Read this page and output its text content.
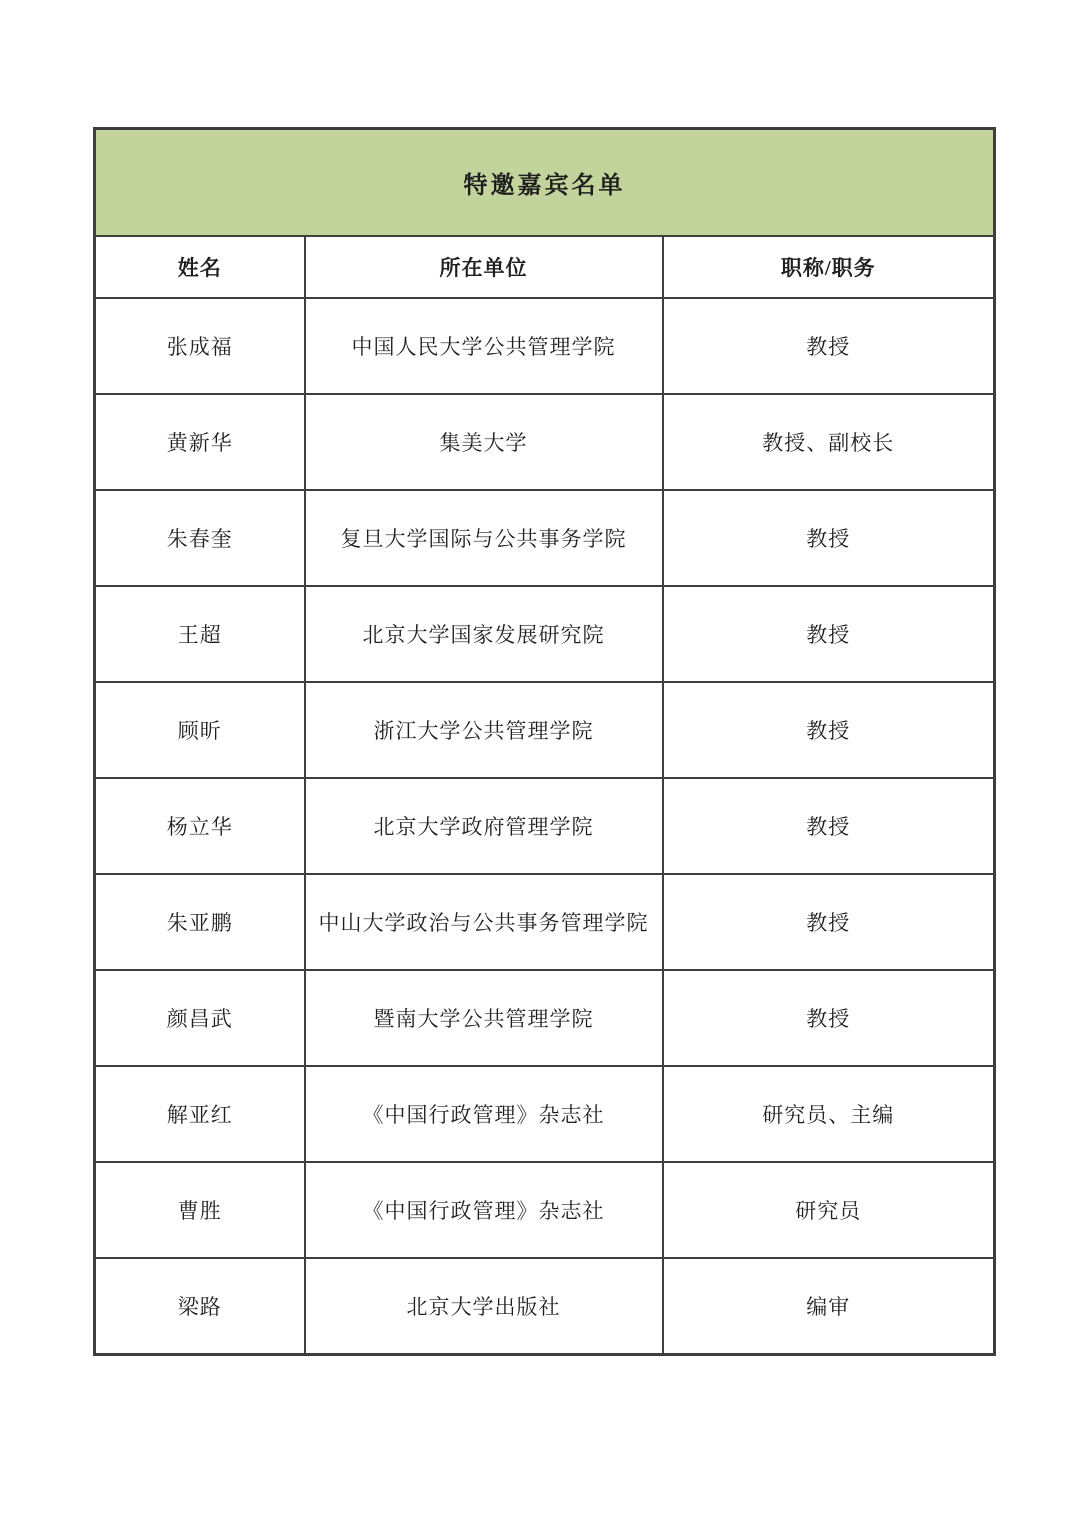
特邀嘉宾名单		
姓名	所在单位	职称/职务
张成福	中国人民大学公共管理学院	教授
黄新华	集美大学	教授、副校长
朱春奎	复旦大学国际与公共事务学院	教授
王超	北京大学国家发展研究院	教授
顾昕	浙江大学公共管理学院	教授
杨立华	北京大学政府管理学院	教授
朱亚鹏	中山大学政治与公共事务管理学院	教授
颜昌武	暨南大学公共管理学院	教授
解亚红	《中国行政管理》杂志社	研究员、主编
曹胜	《中国行政管理》杂志社	研究员
梁路	北京大学出版社	编审
